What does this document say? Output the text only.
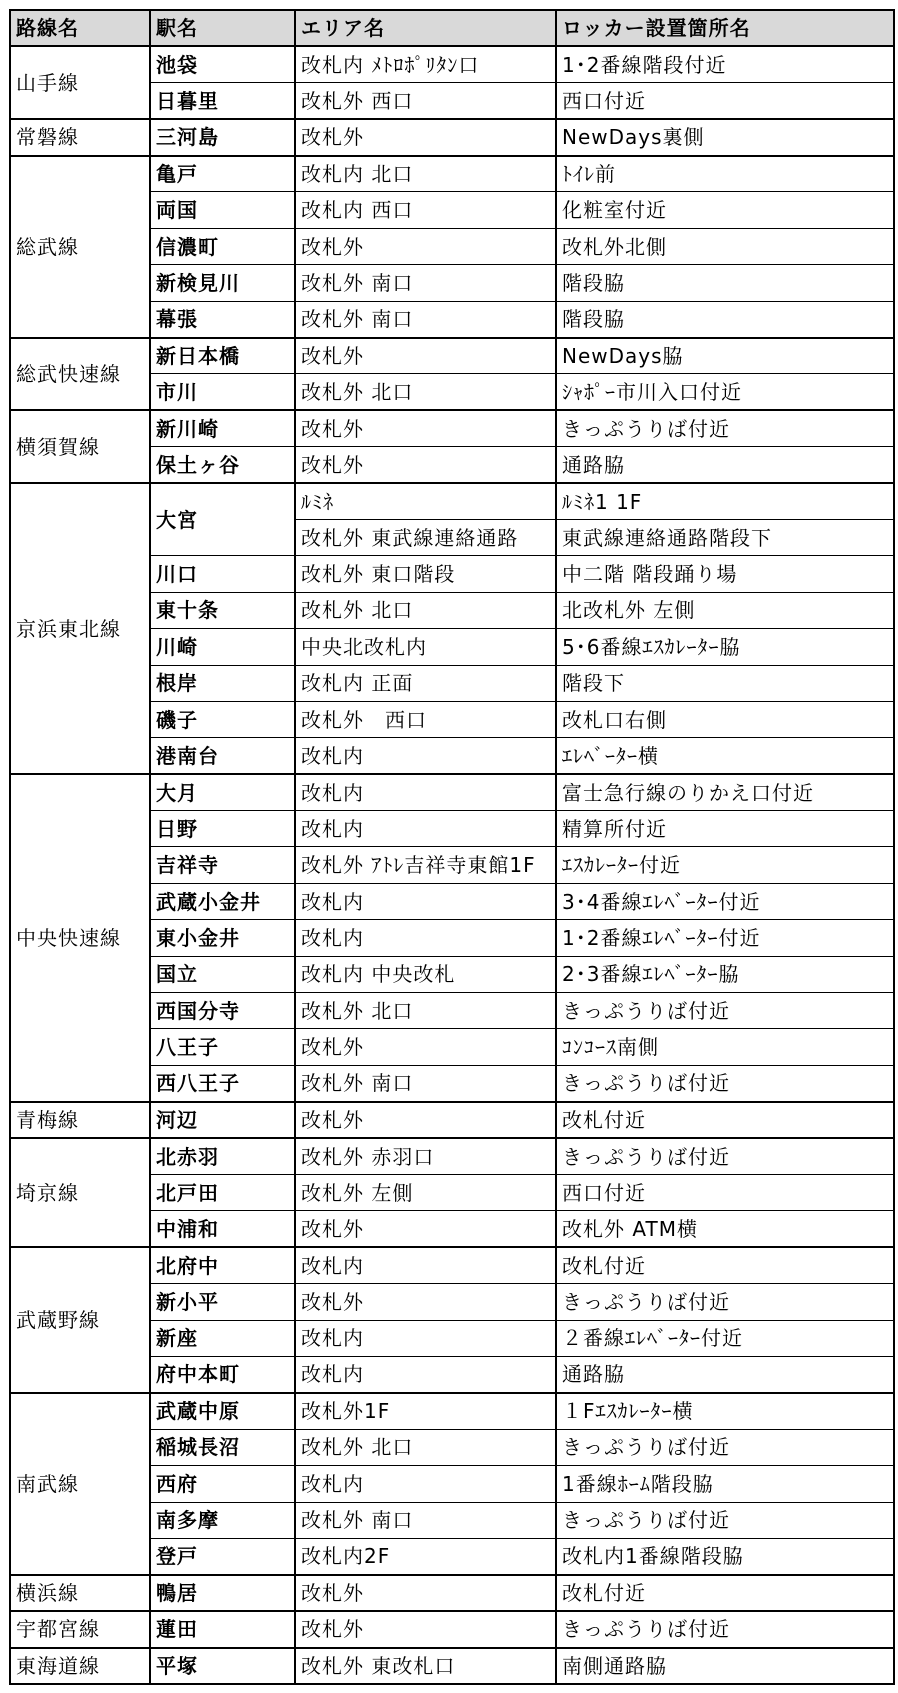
路線名	駅名	エリア名	ロッカー設置箇所名
山手線	池袋	改札内 ﾒﾄﾛﾎﾟﾘﾀﾝ口	1･2番線階段付近
	日暮里	改札外 西口	西口付近
常磐線	三河島	改札外	NewDays裏側
総武線	亀戸	改札内 北口	ﾄｲﾚ前
	両国	改札内 西口	化粧室付近
	信濃町	改札外	改札外北側
	新検見川	改札外 南口	階段脇
	幕張	改札外 南口	階段脇
総武快速線	新日本橋	改札外	NewDays脇
	市川	改札外 北口	ｼｬﾎﾟｰ市川入口付近
横須賀線	新川崎	改札外	きっぷうりば付近
	保土ヶ谷	改札外	通路脇
京浜東北線	大宮	ﾙﾐﾈ	ﾙﾐﾈ1 1F
		改札外 東武線連絡通路	東武線連絡通路階段下
	川口	改札外 東口階段	中二階 階段踊り場
	東十条	改札外 北口	北改札外 左側
	川崎	中央北改札内	5･6番線ｴｽｶﾚｰﾀｰ脇
	根岸	改札内 正面	階段下
	磯子	改札外　西口	改札口右側
	港南台	改札内	ｴﾚﾍﾞｰﾀｰ横
中央快速線	大月	改札内	富士急行線のりかえ口付近
	日野	改札内	精算所付近
	吉祥寺	改札外 ｱﾄﾚ吉祥寺東館1F	ｴｽｶﾚｰﾀｰ付近
	武蔵小金井	改札内	3･4番線ｴﾚﾍﾞｰﾀｰ付近
	東小金井	改札内	1･2番線ｴﾚﾍﾞｰﾀｰ付近
	国立	改札内 中央改札	2･3番線ｴﾚﾍﾞｰﾀｰ脇
	西国分寺	改札外 北口	きっぷうりば付近
	八王子	改札外	ｺﾝｺｰｽ南側
	西八王子	改札外 南口	きっぷうりば付近
青梅線	河辺	改札外	改札付近
埼京線	北赤羽	改札外 赤羽口	きっぷうりば付近
	北戸田	改札外 左側	西口付近
	中浦和	改札外	改札外 ATM横
武蔵野線	北府中	改札内	改札付近
	新小平	改札外	きっぷうりば付近
	新座	改札内	２番線ｴﾚﾍﾞｰﾀｰ付近
	府中本町	改札内	通路脇
南武線	武蔵中原	改札外1F	１Fｴｽｶﾚｰﾀｰ横
	稲城長沼	改札外 北口	きっぷうりば付近
	西府	改札内	1番線ﾎｰﾑ階段脇
	南多摩	改札外 南口	きっぷうりば付近
	登戸	改札内2F	改札内1番線階段脇
横浜線	鴨居	改札外	改札付近
宇都宮線	蓮田	改札外	きっぷうりば付近
東海道線	平塚	改札外 東改札口	南側通路脇
